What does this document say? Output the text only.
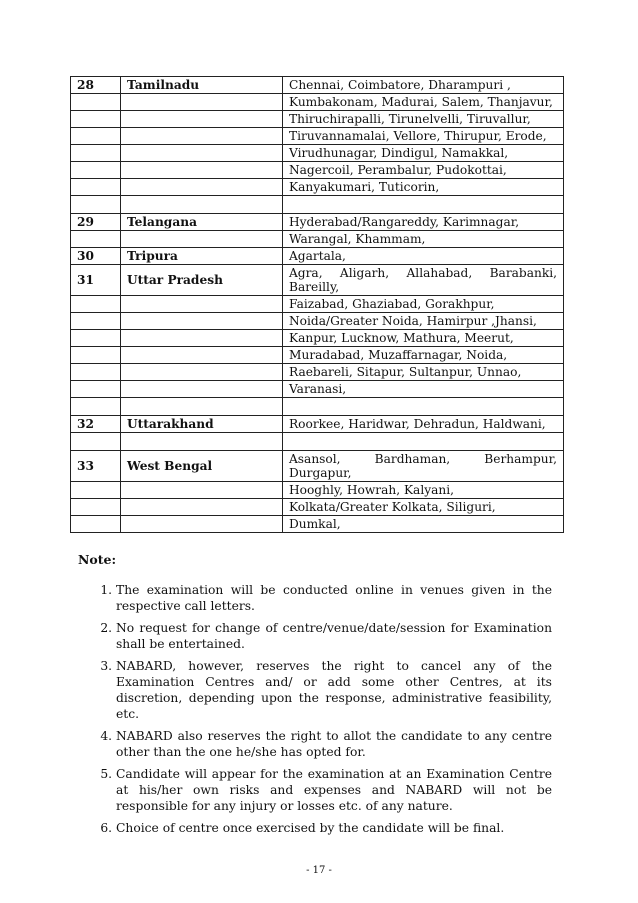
28	Tamilnadu	Chennai, Coimbatore, Dharampuri ,
		Kumbakonam, Madurai, Salem, Thanjavur,
		Thiruchirapalli, Tirunelvelli, Tiruvallur,
		Tiruvannamalai, Vellore, Thirupur, Erode,
		Virudhunagar, Dindigul, Namakkal,
		Nagercoil, Perambalur, Pudokottai,
		Kanyakumari, Tuticorin,

29	Telangana	Hyderabad/Rangareddy, Karimnagar,
		Warangal, Khammam,
30	Tripura	Agartala,
31	Uttar Pradesh	Agra, Aligarh, Allahabad, Barabanki, Bareilly,
		Faizabad, Ghaziabad, Gorakhpur,
		Noida/Greater Noida, Hamirpur ,Jhansi,
		Kanpur, Lucknow, Mathura, Meerut,
		Muradabad, Muzaffarnagar, Noida,
		Raebareli, Sitapur, Sultanpur, Unnao,
		Varanasi,

32	Uttarakhand	Roorkee, Haridwar, Dehradun, Haldwani,

33	West Bengal	Asansol, Bardhaman, Berhampur, Durgapur,
		Hooghly, Howrah, Kalyani,
		Kolkata/Greater Kolkata, Siliguri,
		Dumkal,
Note:
1. The examination will be conducted online in venues given in the respective call letters.
2. No request for change of centre/venue/date/session for Examination shall be entertained.
3. NABARD, however, reserves the right to cancel any of the Examination Centres and/ or add some other Centres, at its discretion, depending upon the response, administrative feasibility, etc.
4. NABARD also reserves the right to allot the candidate to any centre other than the one he/she has opted for.
5. Candidate will appear for the examination at an Examination Centre at his/her own risks and expenses and NABARD will not be responsible for any injury or losses etc. of any nature.
6. Choice of centre once exercised by the candidate will be final.
- 17 -
